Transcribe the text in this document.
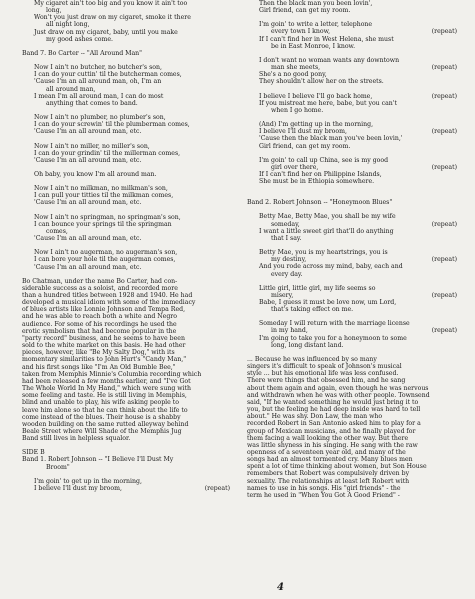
My cigaret ain't too big and you know it ain't too
long,
Won't you just draw on my cigaret, smoke it there
all night long,
Just draw on my cigaret, baby, until you make
my good ashes come.
Band 7. Bo Carter -- "All Around Man"
Now I ain't no butcher, no butcher's son,
I can do your cuttin' til the butcherman comes,
'Cause I'm an all around man, oh, I'm an
all around man,
I mean I'm all around man, I can do most
anything that comes to band.
Now I ain't no plumber, no plumber's son,
I can do your screwin' til the plumberman comes,
'Cause I'm an all around man, etc.
Now I ain't no miller, no miller's son,
I can do your grindin' til the millerman comes,
'Cause I'm an all around man, etc.
Oh baby, you know I'm all around man.
Now I ain't no milkman, no milkman's son,
I can pull your titties til the milkman comes,
'Cause I'm an all around man, etc.
Now I ain't no springman, no springman's son,
I can bounce your springs til the springman
comes,
'Cause I'm an all around man, etc.
Now I ain't no augerman, no augerman's son,
I can bore your hole til the augerman comes,
'Cause I'm an all around man, etc.
Bo Chatman, under the name Bo Carter, had con-
siderable success as a soloist, and recorded more
than a hundred titles between 1928 and 1940. He had
developed a musical idiom with some of the immediacy
of blues artists like Lonnie Johnson and Tempa Red,
and he was able to reach both a white and Negro
audience. For some of his recordings he used the
erotic symbolism that had become popular in the
"party record" business, and he seems to have been
sold to the white market on this basis. He had other
pieces, however, like "Be My Salty Dog," with its
momentary similarities to John Hurt's "Candy Man,"
and his first songs like "I'm An Old Bumble Bee,"
taken from Memphis Minnie's Columbia recording which
had been released a few months earlier, and "I've Got
The Whole World In My Hand," which were sung with
some feeling and taste. He is still living in Memphis,
blind and unable to play, his wife asking people to
leave him alone so that he can think about the life to
come instead of the blues. Their house is a shabby
wooden building on the same rutted alleyway behind
Beale Street where Will Shade of the Memphis Jug
Band still lives in helpless squalor.
SIDE B
Band 1. Robert Johnson -- "I Believe I'll Dust My
Broom"
I'm goin' to get up in the morning,
(repeat)
I believe I'll dust my broom,
Then the black man you been lovin',
Girl friend, can get my room.
I'm goin' to write a letter, telephone
(repeat)
every town I know,
If I can't find her in West Helena, she must
be in East Monroe, I know.
I don't want no woman wants any downtown
(repeat)
man she meets,
She's a no good pony,
They shouldn't allow her on the streets.
(repeat)
I believe I believe I'll go back home,
If you mistreat me here, babe, but you can't
when I go home.
(And) I'm getting up in the morning,
(repeat)
I believe I'll dust my broom,
'Cause then the black man you've been lovin,'
Girl friend, can get my room.
I'm goin' to call up China, see is my good
(repeat)
girl over there,
If I can't find her on Philippine Islands,
She must be in Ethiopia somewhere.
Band 2. Robert Johnson -- "Honeymoon Blues"
Betty Mae, Betty Mae, you shall be my wife
(repeat)
someday,
I want a little sweet girl that'll do anything
that I say.
Betty Mae, you is my heartstrings, you is
(repeat)
my destiny,
And you rode across my mind, baby, each and
every day.
Little girl, little girl, my life seems so
(repeat)
misery,
Babe, I guess it must be love now, um Lord,
that's taking effect on me.
Someday I will return with the marriage license
(repeat)
in my hand,
I'm going to take you for a honeymoon to some
long, long distant land.
... Because he was influenced by so many
singers it's difficult to speak of Johnson's musical
style ... but his emotional life was less confused.
There were things that obsessed him, and he sang
about them again and again, even though he was nervous
and withdrawn when he was with other people. Townsend
said, "If he wanted something he would just bring it to
you, but the feeling he had deep inside was hard to tell
about." He was shy. Don Law, the man who
recorded Robert in San Antonio asked him to play for a
group of Mexican musicians, and he finally played for
them facing a wall looking the other way. But there
was little shyness in his singing. He sang with the raw
openness of a seventeen year old, and many of the
songs had an almost tormented cry. Many blues men
spent a lot of time thinking about women, but Son House
remembers that Robert was compulsively driven by
sexuality. The relationships at least left Robert with
names to use in his songs. His "girl friends" - the
term he used in "When You Got A Good Friend" -
4
